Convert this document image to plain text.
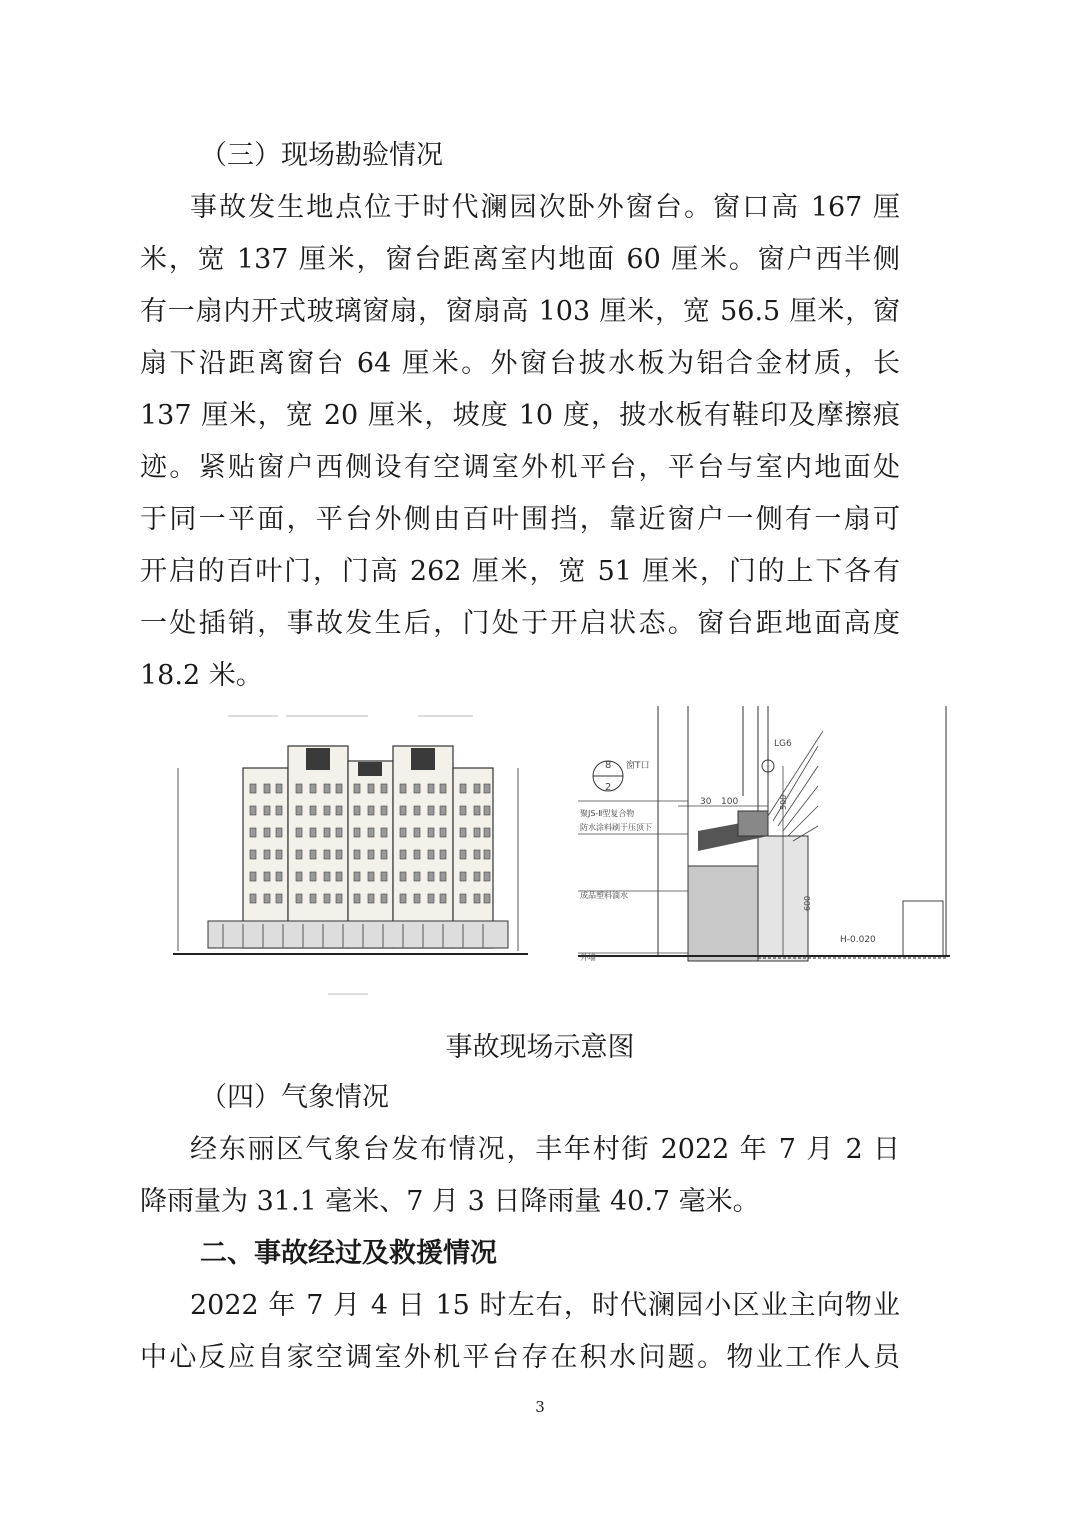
（三）现场勘验情况
事故发生地点位于时代澜园次卧外窗台。窗口高 167 厘
米，宽 137 厘米，窗台距离室内地面 60 厘米。窗户西半侧
有一扇内开式玻璃窗扇，窗扇高 103 厘米，宽 56.5 厘米，窗
扇下沿距离窗台 64 厘米。外窗台披水板为铝合金材质，长
137 厘米，宽 20 厘米，坡度 10 度，披水板有鞋印及摩擦痕
迹。紧贴窗户西侧设有空调室外机平台，平台与室内地面处
于同一平面，平台外侧由百叶围挡，靠近窗户一侧有一扇可
开启的百叶门，门高 262 厘米，宽 51 厘米，门的上下各有
一处插销，事故发生后，门处于开启状态。窗台距地面高度
18.2 米。
8
2
窗T口
30 100
LG6
500
600
H-0.020
聚JS-Ⅱ型复合物
防水涂料刷于压顶下
成品塑料滴水
外墙
事故现场示意图
（四）气象情况
经东丽区气象台发布情况，丰年村街 2022 年 7 月 2 日
降雨量为 31.1 毫米、7 月 3 日降雨量 40.7 毫米。
二、事故经过及救援情况
2022 年 7 月 4 日 15 时左右，时代澜园小区业主向物业
中心反应自家空调室外机平台存在积水问题。物业工作人员
3
